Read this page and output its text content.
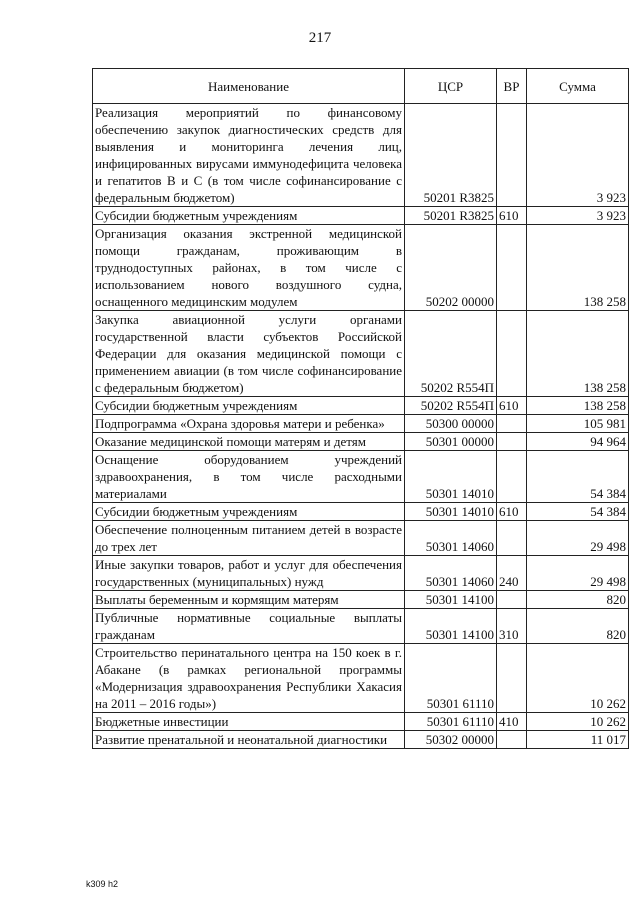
217
Наименование	ЦСР	ВР	Сумма
Реализация мероприятий по финансовому обеспечению закупок диагностических средств для выявления и мониторинга лечения лиц, инфицированных вирусами иммунодефицита человека и гепатитов В и С (в том числе софинансирование с федеральным бюджетом)	50201 R3825		3 923
Субсидии бюджетным учреждениям	50201 R3825	610	3 923
Организация оказания экстренной медицинской помощи гражданам, проживающим в труднодоступных районах, в том числе с использованием нового воздушного судна, оснащенного медицинским модулем	50202 00000		138 258
Закупка авиационной услуги органами государственной власти субъектов Российской Федерации для оказания медицинской помощи с применением авиации (в том числе софинансирование с федеральным бюджетом)	50202 R554П		138 258
Субсидии бюджетным учреждениям	50202 R554П	610	138 258
Подпрограмма «Охрана здоровья матери и ребенка»	50300 00000		105 981
Оказание медицинской помощи матерям и детям	50301 00000		94 964
Оснащение оборудованием учреждений здравоохранения, в том числе расходными материалами	50301 14010		54 384
Субсидии бюджетным учреждениям	50301 14010	610	54 384
Обеспечение полноценным питанием детей в возрасте до трех лет	50301 14060		29 498
Иные закупки товаров, работ и услуг для обеспечения государственных (муниципальных) нужд	50301 14060	240	29 498
Выплаты беременным и кормящим матерям	50301 14100		820
Публичные нормативные социальные выплаты гражданам	50301 14100	310	820
Строительство перинатального центра на 150 коек в г. Абакане (в рамках региональной программы «Модернизация здравоохранения Республики Хакасия на 2011 – 2016 годы»)	50301 61110		10 262
Бюджетные инвестиции	50301 61110	410	10 262
Развитие пренатальной и неонатальной диагностики	50302 00000		11 017
k309 h2
